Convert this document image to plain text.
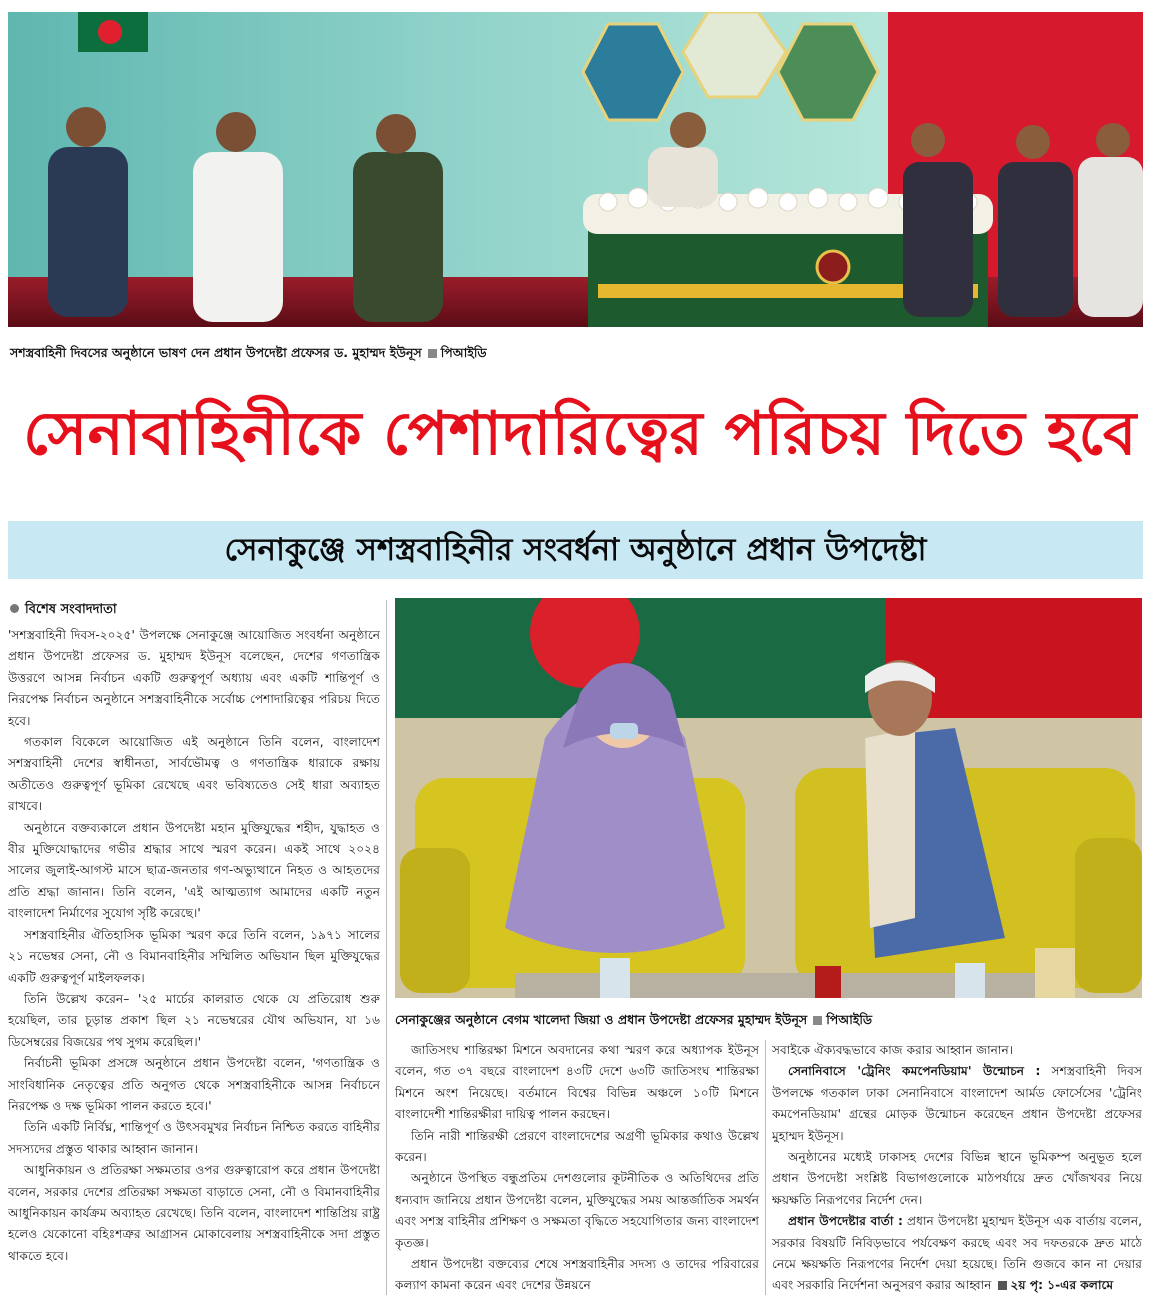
সশস্ত্রবাহিনী দিবসের অনুষ্ঠানে ভাষণ দেন প্রধান উপদেষ্টা প্রফেসর ড. মুহাম্মদ ইউনূস পিআইডি
সেনাবাহিনীকে পেশাদারিত্বের পরিচয় দিতে হবে
সেনাকুঞ্জে সশস্ত্রবাহিনীর সংবর্ধনা অনুষ্ঠানে প্রধান উপদেষ্টা
বিশেষ সংবাদদাতা

'সশস্ত্রবাহিনী দিবস-২০২৫' উপলক্ষে সেনাকুঞ্জে আয়োজিত সংবর্ধনা অনুষ্ঠানে প্রধান উপদেষ্টা প্রফেসর ড. মুহাম্মদ ইউনূস বলেছেন, দেশের গণতান্ত্রিক উত্তরণে আসন্ন নির্বাচন একটি গুরুত্বপূর্ণ অধ্যায় এবং একটি শান্তিপূর্ণ ও নিরপেক্ষ নির্বাচন অনুষ্ঠানে সশস্ত্রবাহিনীকে সর্বোচ্চ পেশাদারিত্বের পরিচয় দিতে হবে।

গতকাল বিকেলে আয়োজিত এই অনুষ্ঠানে তিনি বলেন, বাংলাদেশ সশস্ত্রবাহিনী দেশের স্বাধীনতা, সার্বভৌমত্ব ও গণতান্ত্রিক ধারাকে রক্ষায় অতীতেও গুরুত্বপূর্ণ ভূমিকা রেখেছে এবং ভবিষ্যতেও সেই ধারা অব্যাহত রাখবে।

অনুষ্ঠানে বক্তব্যকালে প্রধান উপদেষ্টা মহান মুক্তিযুদ্ধের শহীদ, যুদ্ধাহত ও বীর মুক্তিযোদ্ধাদের গভীর শ্রদ্ধার সাথে স্মরণ করেন। একই সাথে ২০২৪ সালের জুলাই-আগস্ট মাসে ছাত্র-জনতার গণ-অভ্যুত্থানে নিহত ও আহতদের প্রতি শ্রদ্ধা জানান। তিনি বলেন, 'এই আত্মত্যাগ আমাদের একটি নতুন বাংলাদেশ নির্মাণের সুযোগ সৃষ্টি করেছে।'

সশস্ত্রবাহিনীর ঐতিহাসিক ভূমিকা স্মরণ করে তিনি বলেন, ১৯৭১ সালের ২১ নভেম্বর সেনা, নৌ ও বিমানবাহিনীর সম্মিলিত অভিযান ছিল মুক্তিযুদ্ধের একটি গুরুত্বপূর্ণ মাইলফলক।

তিনি উল্লেখ করেন– '২৫ মার্চের কালরাত থেকে যে প্রতিরোধ শুরু হয়েছিল, তার চূড়ান্ত প্রকাশ ছিল ২১ নভেম্বরের যৌথ অভিযান, যা ১৬ ডিসেম্বরের বিজয়ের পথ সুগম করেছিল।'

নির্বাচনী ভূমিকা প্রসঙ্গে অনুষ্ঠানে প্রধান উপদেষ্টা বলেন, 'গণতান্ত্রিক ও সাংবিধানিক নেতৃত্বের প্রতি অনুগত থেকে সশস্ত্রবাহিনীকে আসন্ন নির্বাচনে নিরপেক্ষ ও দক্ষ ভূমিকা পালন করতে হবে।'

তিনি একটি নির্বিঘ্ন, শান্তিপূর্ণ ও উৎসবমুখর নির্বাচন নিশ্চিত করতে বাহিনীর সদস্যদের প্রস্তুত থাকার আহ্বান জানান।

আধুনিকায়ন ও প্রতিরক্ষা সক্ষমতার ওপর গুরুত্বারোপ করে প্রধান উপদেষ্টা বলেন, সরকার দেশের প্রতিরক্ষা সক্ষমতা বাড়াতে সেনা, নৌ ও বিমানবাহিনীর আধুনিকায়ন কার্যক্রম অব্যাহত রেখেছে। তিনি বলেন, বাংলাদেশ শান্তিপ্রিয় রাষ্ট্র হলেও যেকোনো বহিঃশত্রুর আগ্রাসন মোকাবেলায় সশস্ত্রবাহিনীকে সদা প্রস্তুত থাকতে হবে।

সেনাকুঞ্জের অনুষ্ঠানে বেগম খালেদা জিয়া ও প্রধান উপদেষ্টা প্রফেসর মুহাম্মদ ইউনূস পিআইডি

জাতিসংঘ শান্তিরক্ষা মিশনে অবদানের কথা স্মরণ করে অধ্যাপক ইউনূস বলেন, গত ৩৭ বছরে বাংলাদেশ ৪৩টি দেশে ৬৩টি জাতিসংঘ শান্তিরক্ষা মিশনে অংশ নিয়েছে। বর্তমানে বিশ্বের বিভিন্ন অঞ্চলে ১০টি মিশনে বাংলাদেশী শান্তিরক্ষীরা দায়িত্ব পালন করছেন।

তিনি নারী শান্তিরক্ষী প্রেরণে বাংলাদেশের অগ্রণী ভূমিকার কথাও উল্লেখ করেন।

অনুষ্ঠানে উপস্থিত বন্ধুপ্রতিম দেশগুলোর কূটনীতিক ও অতিথিদের প্রতি ধন্যবাদ জানিয়ে প্রধান উপদেষ্টা বলেন, মুক্তিযুদ্ধের সময় আন্তর্জাতিক সমর্থন এবং সশস্ত্র বাহিনীর প্রশিক্ষণ ও সক্ষমতা বৃদ্ধিতে সহযোগিতার জন্য বাংলাদেশ কৃতজ্ঞ।

প্রধান উপদেষ্টা বক্তব্যের শেষে সশস্ত্রবাহিনীর সদস্য ও তাদের পরিবারের কল্যাণ কামনা করেন এবং দেশের উন্নয়নে

সবাইকে ঐক্যবদ্ধভাবে কাজ করার আহ্বান জানান।

সেনানিবাসে 'ট্রেনিং কমপেনডিয়াম' উন্মোচন : সশস্ত্রবাহিনী দিবস উপলক্ষে গতকাল ঢাকা সেনানিবাসে বাংলাদেশ আর্মড ফোর্সেসের 'ট্রেনিং কমপেনডিয়াম' গ্রন্থের মোড়ক উন্মোচন করেছেন প্রধান উপদেষ্টা প্রফেসর মুহাম্মদ ইউনূস।

অনুষ্ঠানের মধ্যেই ঢাকাসহ দেশের বিভিন্ন স্থানে ভূমিকম্প অনুভূত হলে প্রধান উপদেষ্টা সংশ্লিষ্ট বিভাগগুলোকে মাঠপর্যায়ে দ্রুত খোঁজখবর নিয়ে ক্ষয়ক্ষতি নিরূপণের নির্দেশ দেন।

প্রধান উপদেষ্টার বার্তা : প্রধান উপদেষ্টা মুহাম্মদ ইউনূস এক বার্তায় বলেন, সরকার বিষয়টি নিবিড়ভাবে পর্যবেক্ষণ করছে এবং সব দফতরকে দ্রুত মাঠে নেমে ক্ষয়ক্ষতি নিরূপণের নির্দেশ দেয়া হয়েছে। তিনি গুজবে কান না দেয়ার এবং সরকারি নির্দেশনা অনুসরণ করার আহ্বান ২য় পৃ: ১-এর কলামে
